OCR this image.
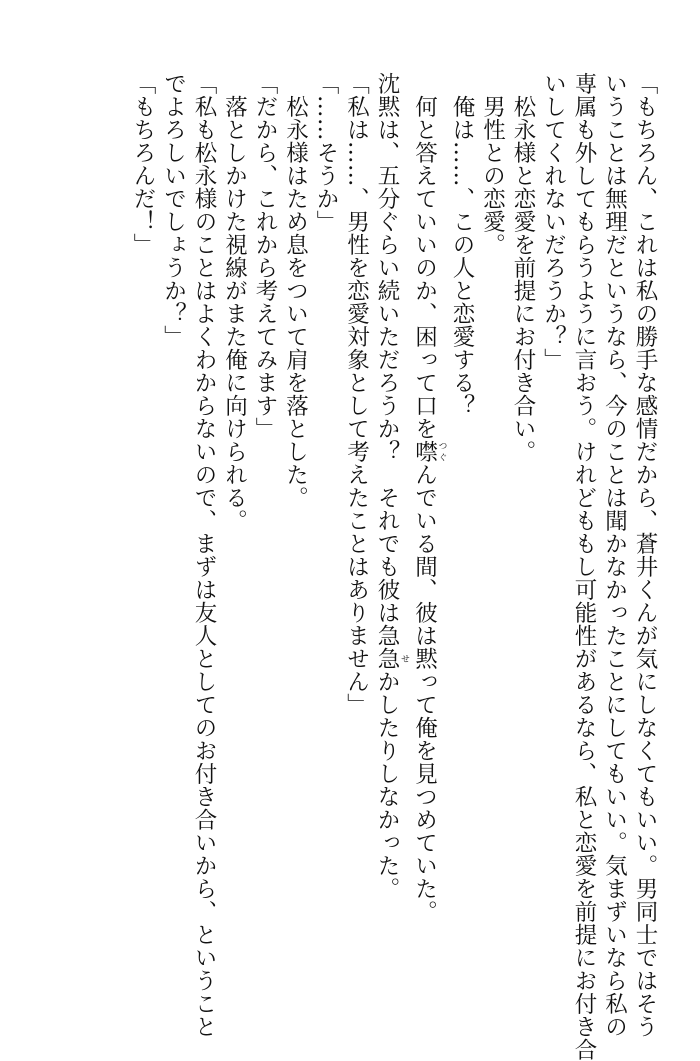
「もちろん、これは私の勝手な感情だから、蒼井くんが気にしなくてもいい。男同士ではそう
いうことは無理だというなら、今のことは聞かなかったことにしてもいい。気まずいなら私の
専属も外してもらうように言おう。けれどももし可能性があるなら、私と恋愛を前提にお付き合
いしてくれないだろうか？」
　松永様と恋愛を前提にお付き合い。
　男性との恋愛。
　俺は……、この人と恋愛する？
　何と答えていいのか、困って口を噤 つぐんでいる間、彼は黙って俺を見つめていた。
沈黙は、五分ぐらい続いただろうか？　それでも彼は急急 せかしたりしなかった。
「私は……、男性を恋愛対象として考えたことはありません」
「……そうか」
　松永様はため息をついて肩を落とした。
「だから、これから考えてみます」
　落としかけた視線がまた俺に向けられる。
「私も松永様のことはよくわからないので、まずは友人としてのお付き合いから、ということ
でよろしいでしょうか？」
「もちろんだ！」
